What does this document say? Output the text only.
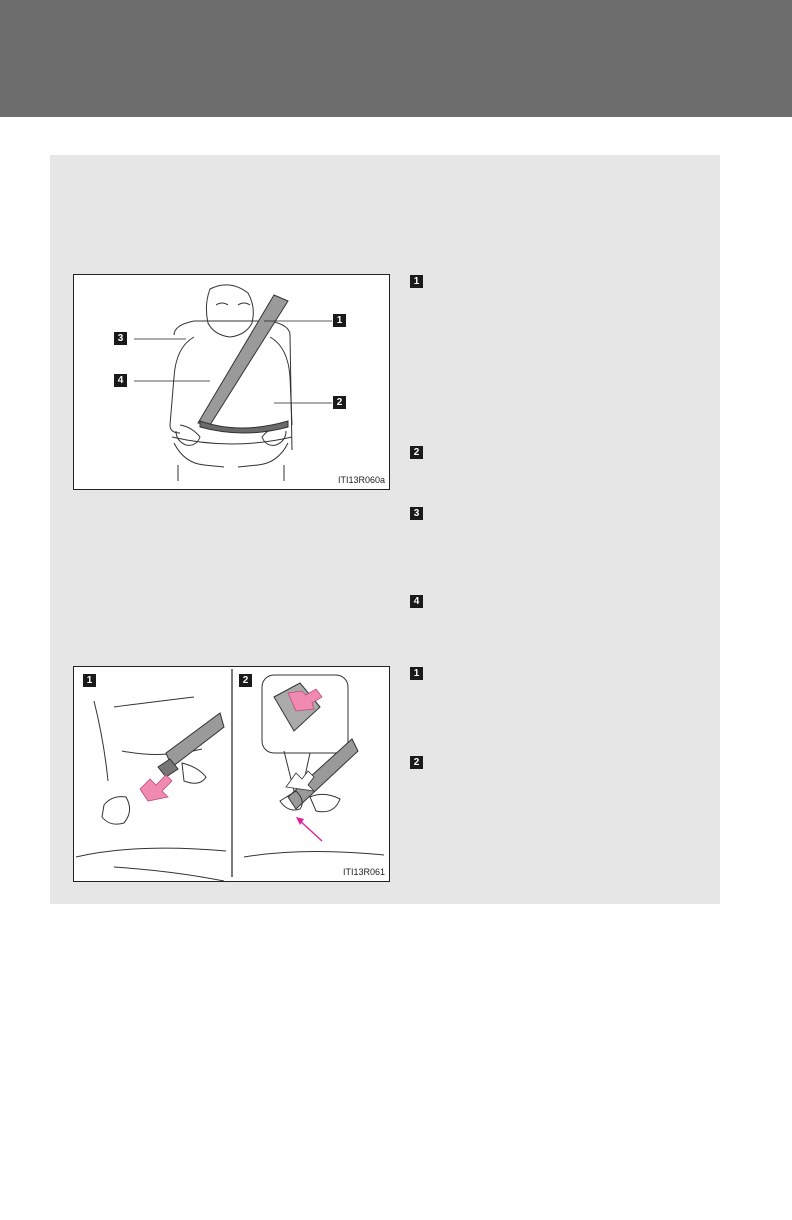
1
2
3
4
ITI13R060a
1	2
ITI13R061
1
2
3
4
1
2
